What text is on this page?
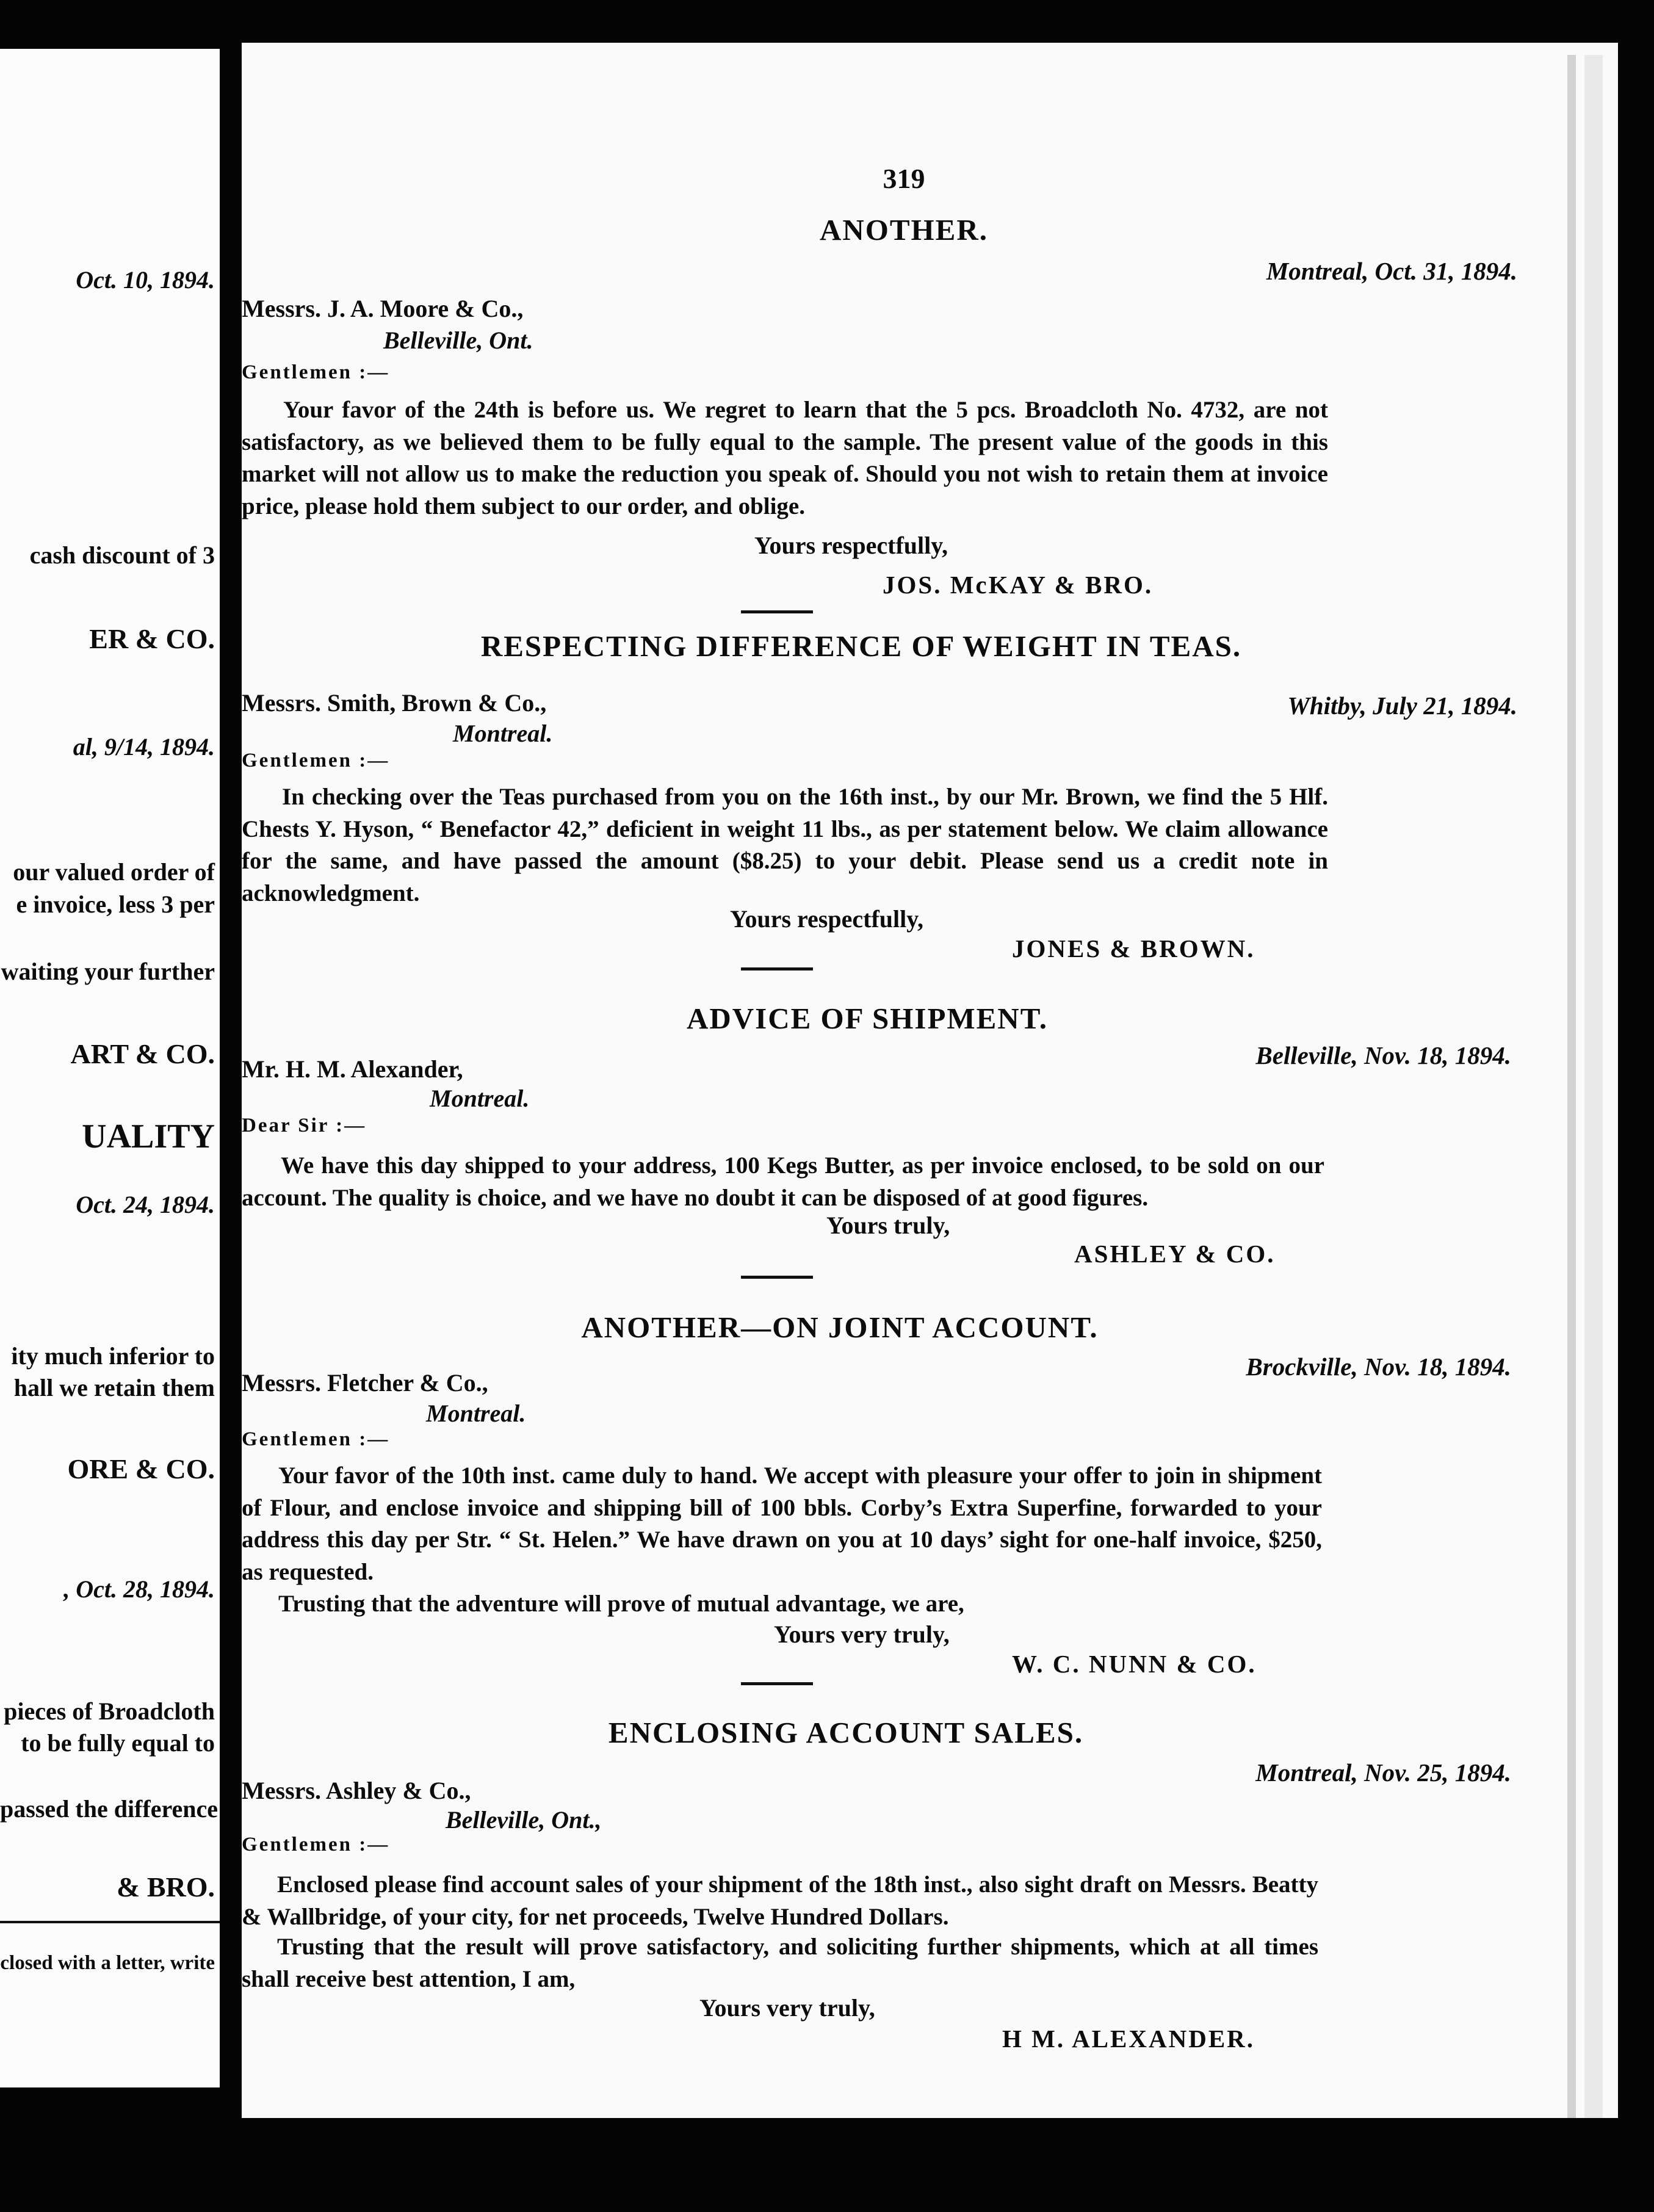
Oct. 10, 1894.
cash discount of 3
ER & CO.
al, 9/14, 1894.
our valued order of
e invoice, less 3 per
waiting your further
ART & CO.
UALITY
Oct. 24, 1894.
ity much inferior to
hall we retain them
ORE & CO.
, Oct. 28, 1894.
pieces of Broadcloth
to be fully equal to
passed the difference
& BRO.
closed with a letter, write
319
ANOTHER.
Montreal, Oct. 31, 1894.
Messrs. J. A. Moore & Co.,
Belleville, Ont.
Gentlemen :—

Your favor of the 24th is before us. We regret to learn that the 5 pcs. Broadcloth No. 4732, are not satisfactory, as we believed them to be fully equal to the sample. The present value of the goods in this market will not allow us to make the reduction you speak of. Should you not wish to retain them at invoice price, please hold them subject to our order, and oblige.

Yours respectfully,
JOS. McKAY & BRO.
RESPECTING DIFFERENCE OF WEIGHT IN TEAS.
Whitby, July 21, 1894.
Messrs. Smith, Brown & Co.,
Montreal.
Gentlemen :—

In checking over the Teas purchased from you on the 16th inst., by our Mr. Brown, we find the 5 Hlf. Chests Y. Hyson, “ Benefactor 42,” deficient in weight 11 lbs., as per statement below. We claim allowance for the same, and have passed the amount ($8.25) to your debit. Please send us a credit note in acknowledgment.

Yours respectfully,
JONES & BROWN.
ADVICE OF SHIPMENT.
Belleville, Nov. 18, 1894.
Mr. H. M. Alexander,
Montreal.
Dear Sir :—

We have this day shipped to your address, 100 Kegs Butter, as per invoice enclosed, to be sold on our account. The quality is choice, and we have no doubt it can be disposed of at good figures.

Yours truly,
ASHLEY & CO.
ANOTHER—ON JOINT ACCOUNT.
Brockville, Nov. 18, 1894.
Messrs. Fletcher & Co.,
Montreal.
Gentlemen :—

Your favor of the 10th inst. came duly to hand. We accept with pleasure your offer to join in shipment of Flour, and enclose invoice and shipping bill of 100 bbls. Corby’s Extra Superfine, forwarded to your address this day per Str. “ St. Helen.” We have drawn on you at 10 days’ sight for one-half invoice, $250, as requested.

Trusting that the adventure will prove of mutual advantage, we are,

Yours very truly,
W. C. NUNN & CO.
ENCLOSING ACCOUNT SALES.
Montreal, Nov. 25, 1894.
Messrs. Ashley & Co.,
Belleville, Ont.,
Gentlemen :—

Enclosed please find account sales of your shipment of the 18th inst., also sight draft on Messrs. Beatty & Wallbridge, of your city, for net proceeds, Twelve Hundred Dollars.

Trusting that the result will prove satisfactory, and soliciting further shipments, which at all times shall receive best attention, I am,

Yours very truly,
H M. ALEXANDER.
